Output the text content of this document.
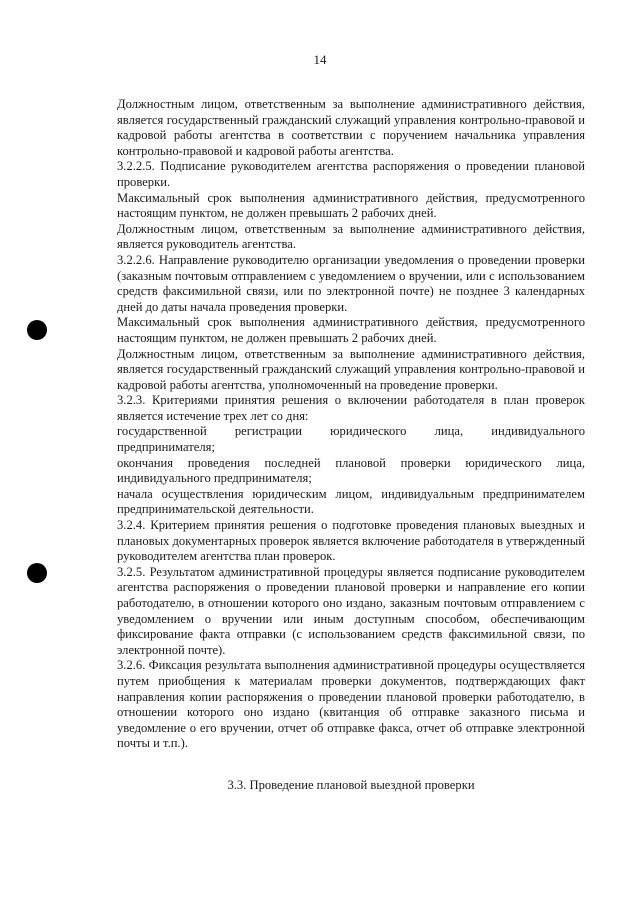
14

Должностным лицом, ответственным за выполнение административного действия, является государственный гражданский служащий управления контрольно-правовой и кадровой работы агентства в соответствии с поручением начальника управления контрольно-правовой и кадровой работы агентства.

3.2.2.5. Подписание руководителем агентства распоряжения о проведении плановой проверки.

Максимальный срок выполнения административного действия, предусмотренного настоящим пунктом, не должен превышать 2 рабочих дней.

Должностным лицом, ответственным за выполнение административного действия, является руководитель агентства.

3.2.2.6. Направление руководителю организации уведомления о проведении проверки (заказным почтовым отправлением с уведомлением о вручении, или с использованием средств факсимильной связи, или по электронной почте) не позднее 3 календарных дней до даты начала проведения проверки.

Максимальный срок выполнения административного действия, предусмотренного настоящим пунктом, не должен превышать 2 рабочих дней.

Должностным лицом, ответственным за выполнение административного действия, является государственный гражданский служащий управления контрольно-правовой и кадровой работы агентства, уполномоченный на проведение проверки.

3.2.3. Критериями принятия решения о включении работодателя в план проверок является истечение трех лет со дня:

государственной регистрации юридического лица, индивидуального предпринимателя;

окончания проведения последней плановой проверки юридического лица, индивидуального предпринимателя;

начала осуществления юридическим лицом, индивидуальным предпринимателем предпринимательской деятельности.

3.2.4. Критерием принятия решения о подготовке проведения плановых выездных и плановых документарных проверок является включение работодателя в утвержденный руководителем агентства план проверок.

3.2.5. Результатом административной процедуры является подписание руководителем агентства распоряжения о проведении плановой проверки и направление его копии работодателю, в отношении которого оно издано, заказным почтовым отправлением с уведомлением о вручении или иным доступным способом, обеспечивающим фиксирование факта отправки (с использованием средств факсимильной связи, по электронной почте).

3.2.6. Фиксация результата выполнения административной процедуры осуществляется путем приобщения к материалам проверки документов, подтверждающих факт направления копии распоряжения о проведении плановой проверки работодателю, в отношении которого оно издано (квитанция об отправке заказного письма и уведомление о его вручении, отчет об отправке факса, отчет об отправке электронной почты и т.п.).

3.3. Проведение плановой выездной проверки
